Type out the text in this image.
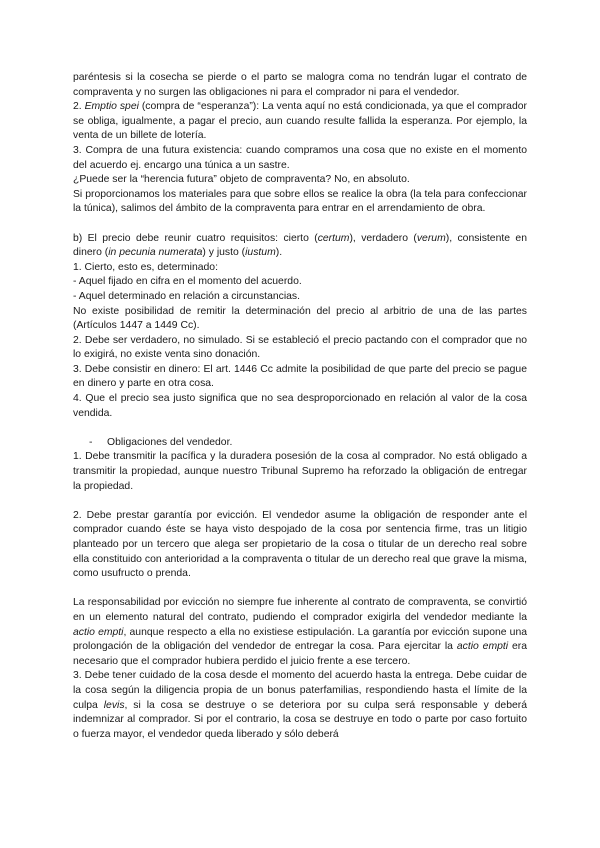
paréntesis si la cosecha se pierde o el parto se malogra coma no tendrán lugar el contrato de compraventa y no surgen las obligaciones ni para el comprador ni para el vendedor.

2. Emptio spei (compra de “esperanza”): La venta aquí no está condicionada, ya que el comprador se obliga, igualmente, a pagar el precio, aun cuando resulte fallida la esperanza. Por ejemplo, la venta de un billete de lotería.

3. Compra de una futura existencia: cuando compramos una cosa que no existe en el momento del acuerdo ej. encargo una túnica a un sastre.

¿Puede ser la “herencia futura” objeto de compraventa? No, en absoluto.

Si proporcionamos los materiales para que sobre ellos se realice la obra (la tela para confeccionar la túnica), salimos del ámbito de la compraventa para entrar en el arrendamiento de obra.

b) El precio debe reunir cuatro requisitos: cierto (certum), verdadero (verum), consistente en dinero (in pecunia numerata) y justo (iustum).

1. Cierto, esto es, determinado:

- Aquel fijado en cifra en el momento del acuerdo.

- Aquel determinado en relación a circunstancias.

No existe posibilidad de remitir la determinación del precio al arbitrio de una de las partes (Artículos 1447 a 1449 Cc).

2. Debe ser verdadero, no simulado. Si se estableció el precio pactando con el comprador que no lo exigirá, no existe venta sino donación.

3. Debe consistir en dinero: El art. 1446 Cc admite la posibilidad de que parte del precio se pague en dinero y parte en otra cosa.

4. Que el precio sea justo significa que no sea desproporcionado en relación al valor de la cosa vendida.

- Obligaciones del vendedor.

1. Debe transmitir la pacífica y la duradera posesión de la cosa al comprador. No está obligado a transmitir la propiedad, aunque nuestro Tribunal Supremo ha reforzado la obligación de entregar la propiedad.

2. Debe prestar garantía por evicción. El vendedor asume la obligación de responder ante el comprador cuando éste se haya visto despojado de la cosa por sentencia firme, tras un litigio planteado por un tercero que alega ser propietario de la cosa o titular de un derecho real sobre ella constituido con anterioridad a la compraventa o titular de un derecho real que grave la misma, como usufructo o prenda.

La responsabilidad por evicción no siempre fue inherente al contrato de compraventa, se convirtió en un elemento natural del contrato, pudiendo el comprador exigirla del vendedor mediante la actio empti, aunque respecto a ella no existiese estipulación. La garantía por evicción supone una prolongación de la obligación del vendedor de entregar la cosa. Para ejercitar la actio empti era necesario que el comprador hubiera perdido el juicio frente a ese tercero.

3. Debe tener cuidado de la cosa desde el momento del acuerdo hasta la entrega. Debe cuidar de la cosa según la diligencia propia de un bonus paterfamilias, respondiendo hasta el límite de la culpa levis, si la cosa se destruye o se deteriora por su culpa será responsable y deberá indemnizar al comprador. Si por el contrario, la cosa se destruye en todo o parte por caso fortuito o fuerza mayor, el vendedor queda liberado y sólo deberá
